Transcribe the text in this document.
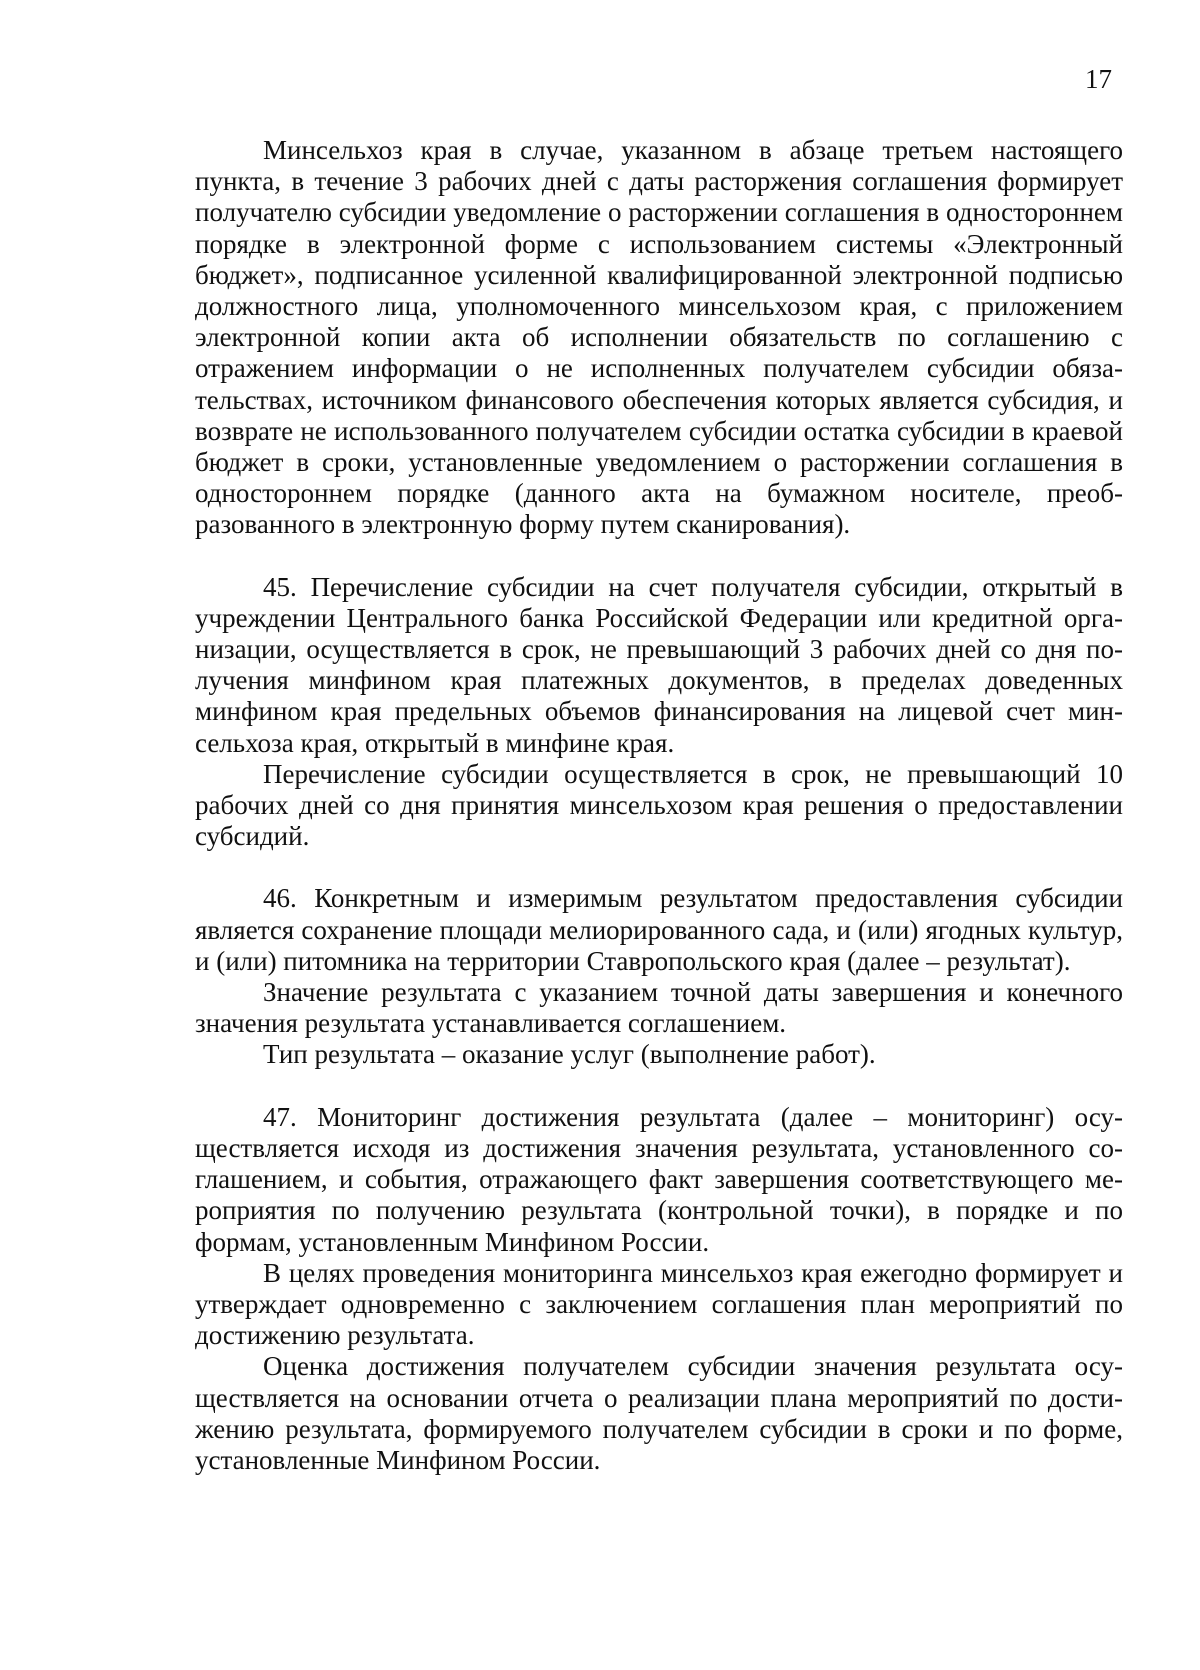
17

Минсельхоз края в случае, указанном в абзаце третьем настоящего пункта, в течение 3 рабочих дней с даты расторжения соглашения формирует получателю субсидии уведомление о расторжении соглашения в одностороннем порядке в электронной форме с использованием системы «Электронный бюджет», подписанное усиленной квалифицированной электронной подписью должностного лица, уполномоченного минсельхозом края, с приложением электронной копии акта об исполнении обязательств по соглашению с отражением информации о не исполненных получателем субсидии обязательствах, источником финансового обеспечения которых является субсидия, и возврате не использованного получателем субсидии остатка субсидии в краевой бюджет в сроки, установленные уведомлением о расторжении соглашения в одностороннем порядке (данного акта на бумажном носителе, преобразованного в электронную форму путем сканирования).

45. Перечисление субсидии на счет получателя субсидии, открытый в учреждении Центрального банка Российской Федерации или кредитной организации, осуществляется в срок, не превышающий 3 рабочих дней со дня получения минфином края платежных документов, в пределах доведенных минфином края предельных объемов финансирования на лицевой счет минсельхоза края, открытый в минфине края.

Перечисление субсидии осуществляется в срок, не превышающий 10 рабочих дней со дня принятия минсельхозом края решения о предоставлении субсидий.

46. Конкретным и измеримым результатом предоставления субсидии является сохранение площади мелиорированного сада, и (или) ягодных культур, и (или) питомника на территории Ставропольского края (далее – результат).

Значение результата с указанием точной даты завершения и конечного значения результата устанавливается соглашением.

Тип результата – оказание услуг (выполнение работ).

47. Мониторинг достижения результата (далее – мониторинг) осуществляется исходя из достижения значения результата, установленного соглашением, и события, отражающего факт завершения соответствующего мероприятия по получению результата (контрольной точки), в порядке и по формам, установленным Минфином России.

В целях проведения мониторинга минсельхоз края ежегодно формирует и утверждает одновременно с заключением соглашения план мероприятий по достижению результата.

Оценка достижения получателем субсидии значения результата осуществляется на основании отчета о реализации плана мероприятий по достижению результата, формируемого получателем субсидии в сроки и по форме, установленные Минфином России.
